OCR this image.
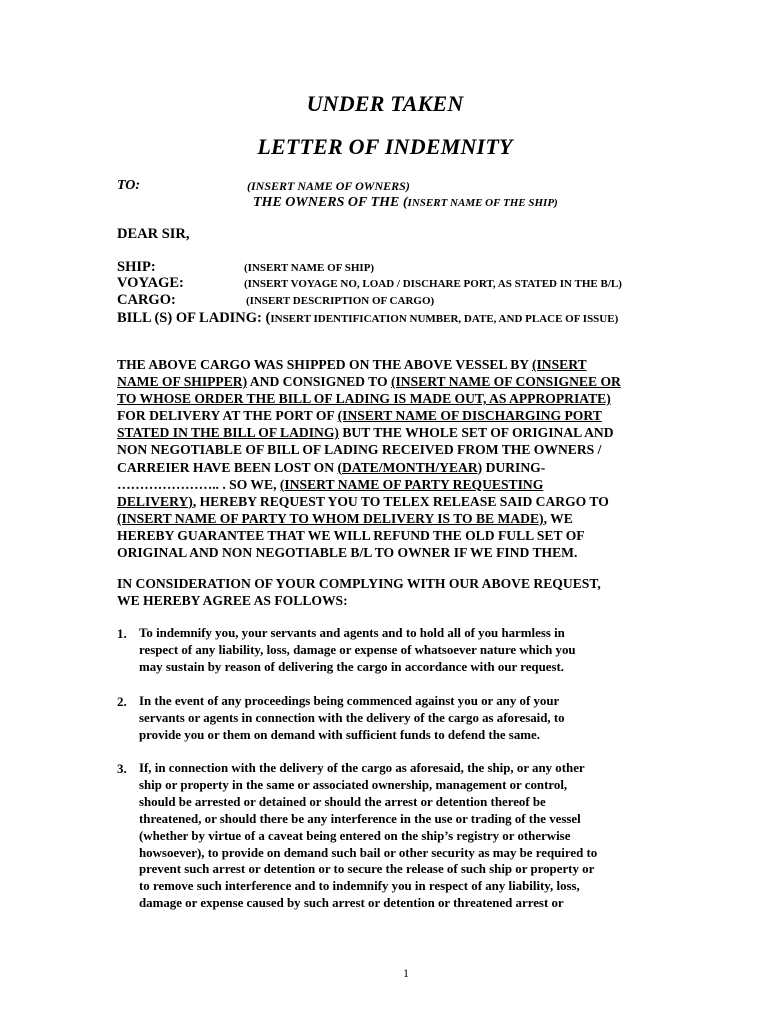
UNDER TAKEN
LETTER OF INDEMNITY

TO:	(INSERT NAME OF OWNERS)

THE OWNERS OF THE (INSERT NAME OF THE SHIP)

DEAR SIR,

SHIP:	(INSERT NAME OF SHIP)

VOYAGE:	(INSERT VOYAGE NO, LOAD / DISCHARE PORT, AS STATED IN THE B/L)

CARGO:	(INSERT DESCRIPTION OF CARGO)

BILL (S) OF LADING: (INSERT IDENTIFICATION NUMBER, DATE, AND PLACE OF ISSUE)

THE ABOVE CARGO WAS SHIPPED ON THE ABOVE VESSEL BY (INSERT
NAME OF SHIPPER) AND CONSIGNED TO (INSERT NAME OF CONSIGNEE OR
TO WHOSE ORDER THE BILL OF LADING IS MADE OUT, AS APPROPRIATE)
FOR DELIVERY AT THE PORT OF (INSERT NAME OF DISCHARGING PORT
STATED IN THE BILL OF LADING) BUT THE WHOLE SET OF ORIGINAL AND
NON NEGOTIABLE OF BILL OF LADING RECEIVED FROM THE OWNERS /
CARREIER HAVE BEEN LOST ON (DATE/MONTH/YEAR) DURING-
………………….. . SO WE, (INSERT NAME OF PARTY REQUESTING
DELIVERY), HEREBY REQUEST YOU TO TELEX RELEASE SAID CARGO TO
(INSERT NAME OF PARTY TO WHOM DELIVERY IS TO BE MADE), WE
HEREBY GUARANTEE THAT WE WILL REFUND THE OLD FULL SET OF
ORIGINAL AND NON NEGOTIABLE B/L TO OWNER IF WE FIND THEM.
IN CONSIDERATION OF YOUR COMPLYING WITH OUR ABOVE REQUEST,
WE HEREBY AGREE AS FOLLOWS:

1. To indemnify you, your servants and agents and to hold all of you harmless in
respect of any liability, loss, damage or expense of whatsoever nature which you
may sustain by reason of delivering the cargo in accordance with our request.

2. In the event of any proceedings being commenced against you or any of your
servants or agents in connection with the delivery of the cargo as aforesaid, to
provide you or them on demand with sufficient funds to defend the same.

3. If, in connection with the delivery of the cargo as aforesaid, the ship, or any other
ship or property in the same or associated ownership, management or control,
should be arrested or detained or should the arrest or detention thereof be
threatened, or should there be any interference in the use or trading of the vessel
(whether by virtue of a caveat being entered on the ship’s registry or otherwise
howsoever), to provide on demand such bail or other security as may be required to
prevent such arrest or detention or to secure the release of such ship or property or
to remove such interference and to indemnify you in respect of any liability, loss,
damage or expense caused by such arrest or detention or threatened arrest or

1
